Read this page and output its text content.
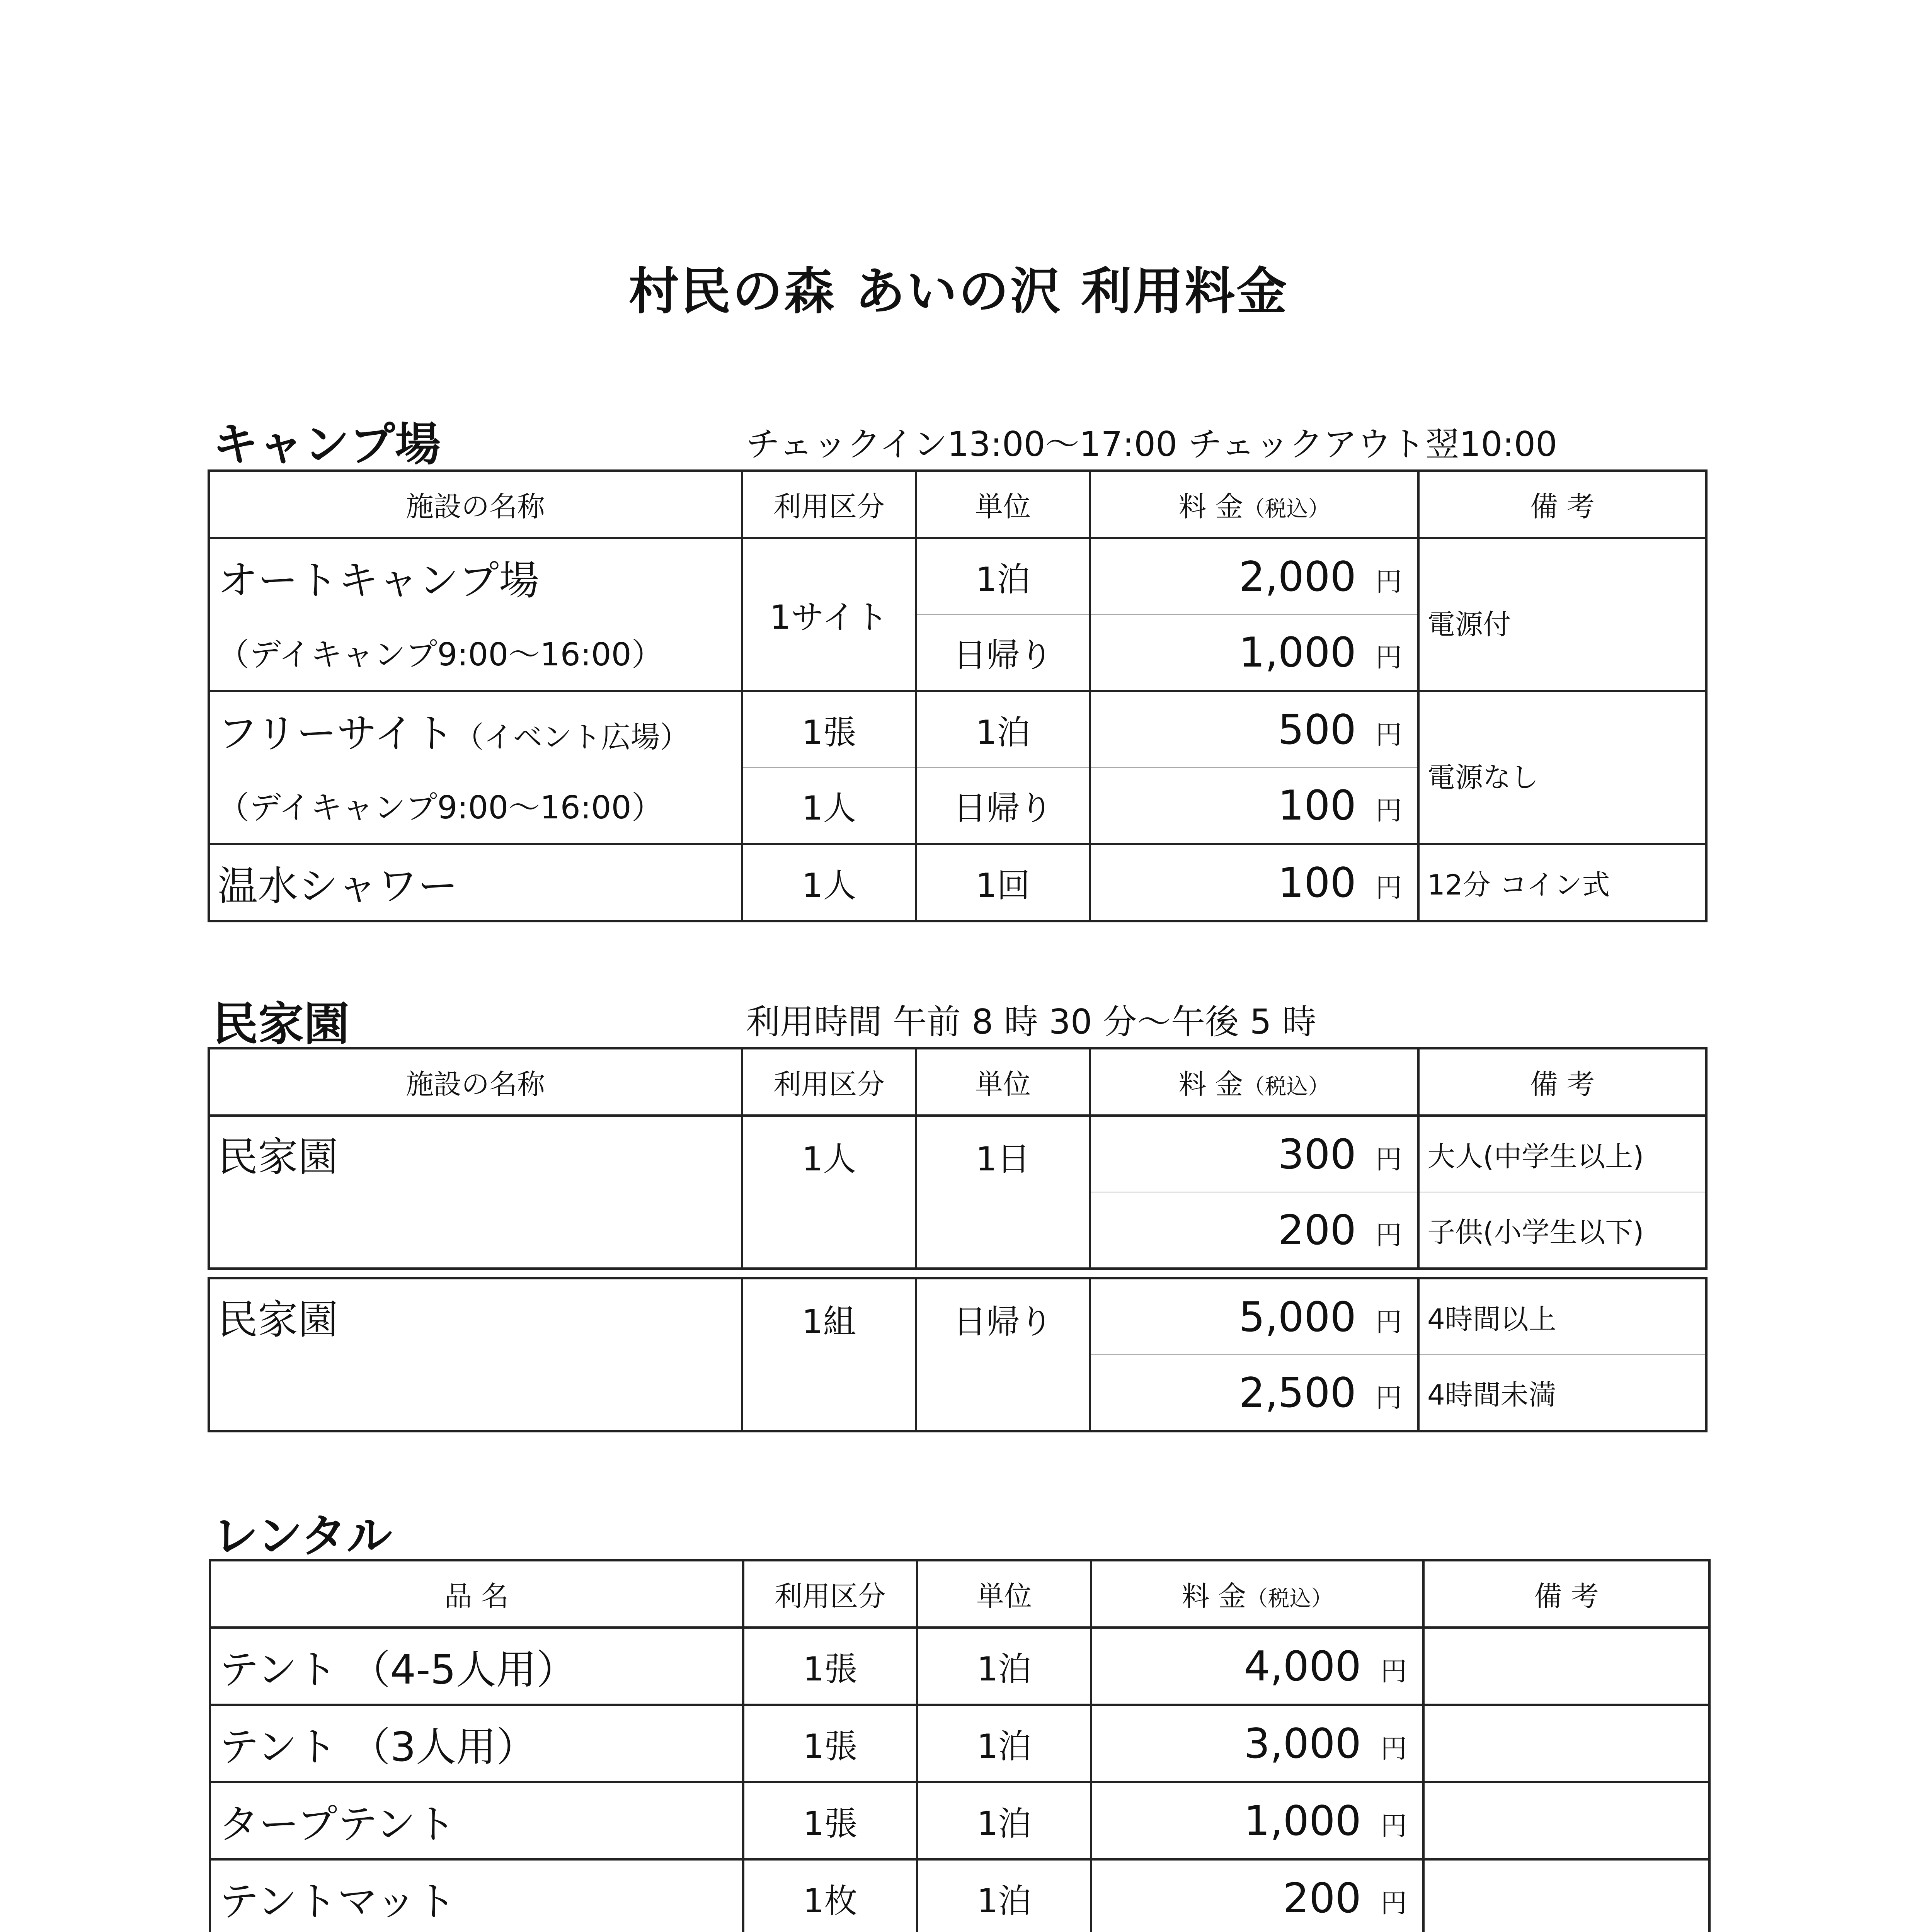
村民の森 あいの沢 利用料金
キャンプ場	チェックイン13:00～17:00 チェックアウト翌10:00
施設の名称	利用区分	単位	料 金（税込）	備 考
オートキャンプ場	1サイト	1泊	2,000 円	電源付
（デイキャンプ9:00～16:00）		日帰り	1,000 円	
フリーサイト（イベント広場）	1張	1泊	500 円	電源なし
（デイキャンプ9:00～16:00）	1人	日帰り	100 円	
温水シャワー	1人	1回	100 円	12分 コイン式
民家園	利用時間 午前 8 時 30 分～午後 5 時
施設の名称	利用区分	単位	料 金（税込）	備 考
民家園	1人	1日	300 円	大人(中学生以上)
			200 円	子供(小学生以下)
民家園	1組	日帰り	5,000 円	4時間以上
			2,500 円	4時間未満
レンタル
品 名	利用区分	単位	料 金（税込）	備 考
テント （4-5人用）	1張	1泊	4,000 円	
テント （3人用）	1張	1泊	3,000 円	
タープテント	1張	1泊	1,000 円	
テントマット	1枚	1泊	200 円	
